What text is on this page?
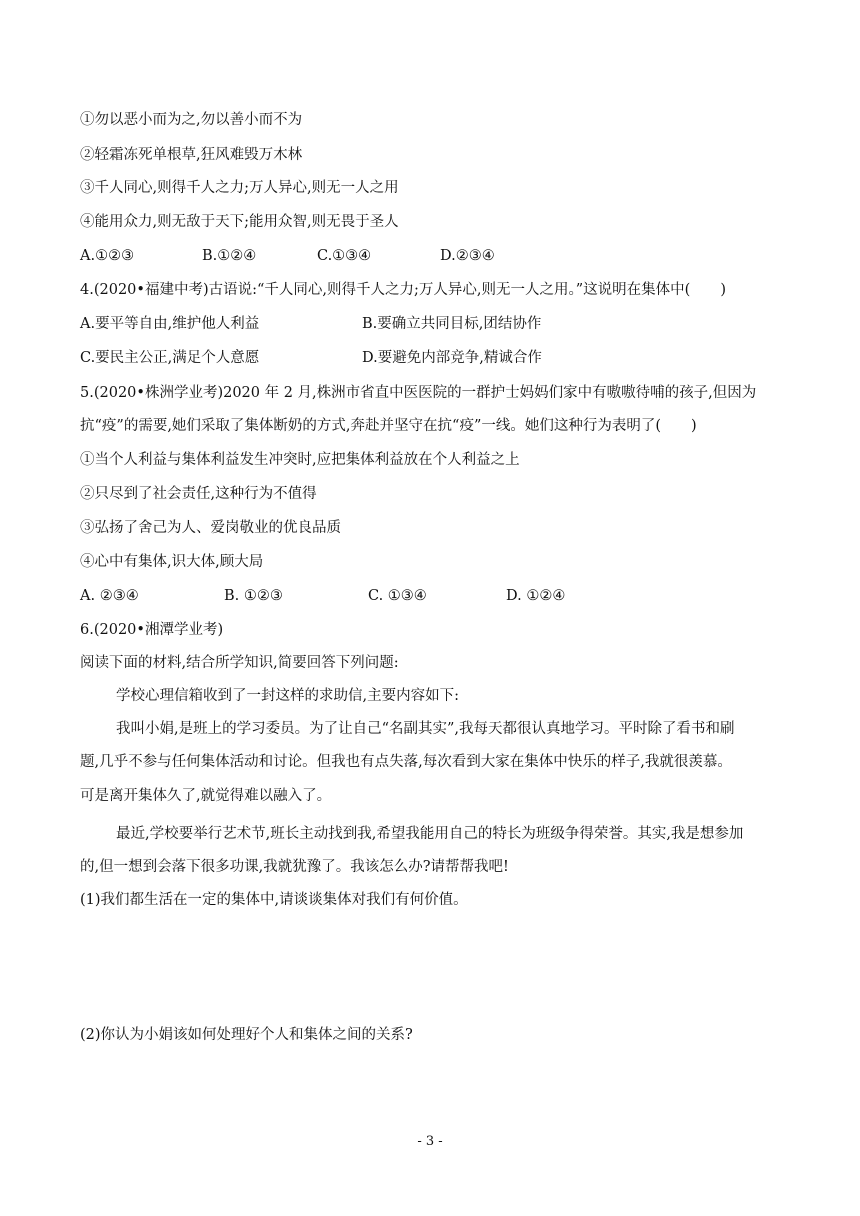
①勿以恶小而为之,勿以善小而不为
②轻霜冻死单根草,狂风难毁万木林
③千人同心,则得千人之力;万人异心,则无一人之用
④能用众力,则无敌于天下;能用众智,则无畏于圣人
A.①②③	B.①②④	C.①③④	D.②③④
4.(2020•福建中考)古语说:“千人同心,则得千人之力;万人异心,则无一人之用。”这说明在集体中( )
A.要平等自由,维护他人利益	B.要确立共同目标,团结协作
C.要民主公正,满足个人意愿	D.要避免内部竞争,精诚合作
5.(2020•株洲学业考)2020 年 2 月,株洲市省直中医医院的一群护士妈妈们家中有嗷嗷待哺的孩子,但因为
抗“疫”的需要,她们采取了集体断奶的方式,奔赴并坚守在抗“疫”一线。她们这种行为表明了( )
①当个人利益与集体利益发生冲突时,应把集体利益放在个人利益之上
②只尽到了社会责任,这种行为不值得
③弘扬了舍己为人、爱岗敬业的优良品质
④心中有集体,识大体,顾大局
A. ②③④	B. ①②③	C. ①③④	D. ①②④
6.(2020•湘潭学业考)
阅读下面的材料,结合所学知识,简要回答下列问题:
学校心理信箱收到了一封这样的求助信,主要内容如下:
我叫小娟,是班上的学习委员。为了让自己“名副其实”,我每天都很认真地学习。平时除了看书和刷
题,几乎不参与任何集体活动和讨论。但我也有点失落,每次看到大家在集体中快乐的样子,我就很羡慕。
可是离开集体久了,就觉得难以融入了。
最近,学校要举行艺术节,班长主动找到我,希望我能用自己的特长为班级争得荣誉。其实,我是想参加
的,但一想到会落下很多功课,我就犹豫了。我该怎么办?请帮帮我吧!
(1)我们都生活在一定的集体中,请谈谈集体对我们有何价值。
(2)你认为小娟该如何处理好个人和集体之间的关系?
- 3 -
